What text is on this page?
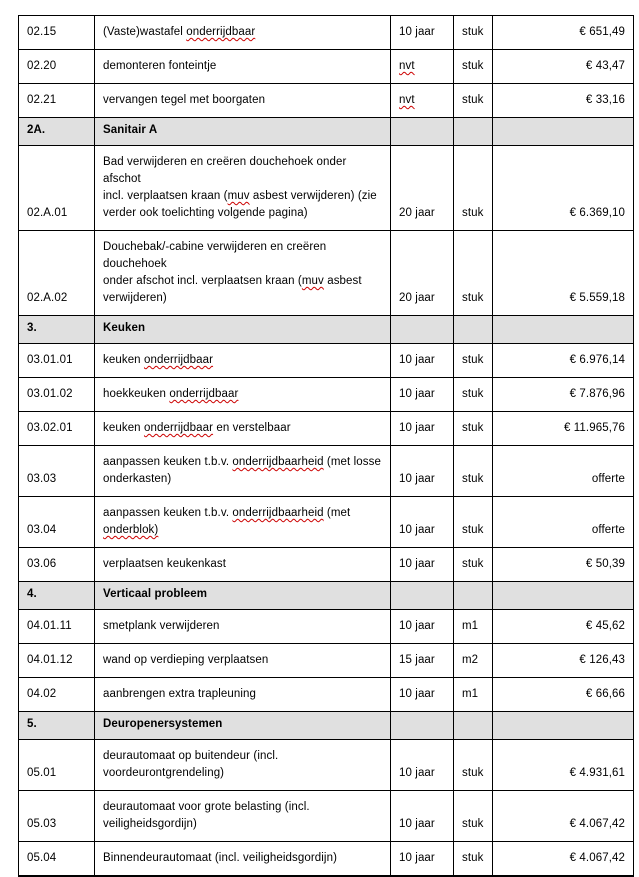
02.15	(Vaste)wastafel onderrijdbaar	10 jaar	stuk	€ 651,49
02.20	demonteren fonteintje	nvt	stuk	€ 43,47
02.21	vervangen tegel met boorgaten	nvt	stuk	€ 33,16
2A.	Sanitair A			
02.A.01	Bad verwijderen en creëren douchehoek onder afschot
incl. verplaatsen kraan (muv asbest verwijderen) (zie
verder ook toelichting volgende pagina)	20 jaar	stuk	€ 6.369,10
02.A.02	Douchebak/-cabine verwijderen en creëren douchehoek
onder afschot incl. verplaatsen kraan (muv asbest
verwijderen)	20 jaar	stuk	€ 5.559,18
3.	Keuken			
03.01.01	keuken onderrijdbaar	10 jaar	stuk	€ 6.976,14
03.01.02	hoekkeuken onderrijdbaar	10 jaar	stuk	€ 7.876,96
03.02.01	keuken onderrijdbaar en verstelbaar	10 jaar	stuk	€ 11.965,76
03.03	aanpassen keuken t.b.v. onderrijdbaarheid (met losse
onderkasten)	10 jaar	stuk	offerte
03.04	aanpassen keuken t.b.v. onderrijdbaarheid (met
onderblok)	10 jaar	stuk	offerte
03.06	verplaatsen keukenkast	10 jaar	stuk	€ 50,39
4.	Verticaal probleem			
04.01.11	smetplank verwijderen	10 jaar	m1	€ 45,62
04.01.12	wand op verdieping verplaatsen	15 jaar	m2	€ 126,43
04.02	aanbrengen extra trapleuning	10 jaar	m1	€ 66,66
5.	Deuropenersystemen			
05.01	deurautomaat op buitendeur (incl.
voordeurontgrendeling)	10 jaar	stuk	€ 4.931,61
05.03	deurautomaat voor grote belasting (incl.
veiligheidsgordijn)	10 jaar	stuk	€ 4.067,42
05.04	Binnendeurautomaat (incl. veiligheidsgordijn)	10 jaar	stuk	€ 4.067,42
